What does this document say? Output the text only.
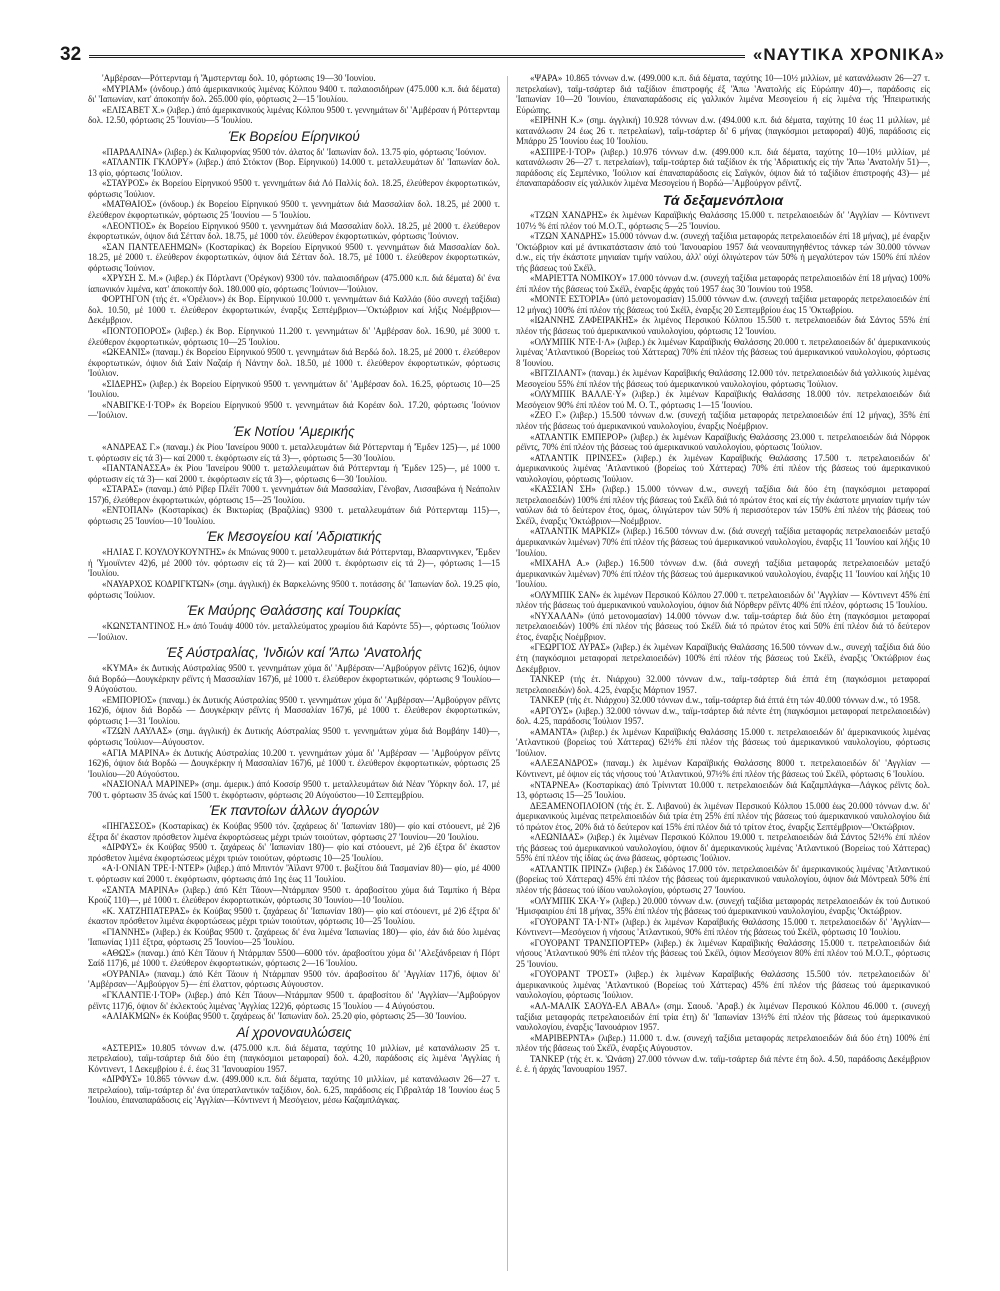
32	«ΝΑΥΤΙΚΑ ΧΡΟΝΙΚΑ»

'Αμβέρσαν—Ρόττερνταμ ή 'Άμστερνταμ δολ. 10, φόρτωσις 19—30 'Ιουνίου.

«ΜΥΡΙΑΜ» (όνδουρ.) άπό άμερικανικούς λιμένας Κόλπου 9400 τ. παλαιοσιδήρων (475.000 κ.π. διά δέματα) δι' 'Ιαπωνίαν, κατ' άποκοπήν δολ. 265.000 φίο, φόρτωσις 2—15 'Ιουλίου.

«ΕΛΙΣΑΒΕΤ Χ.» (λιβερ.) άπό άμερικανικούς λιμένας Κόλπου 9500 τ. γεννημάτων δι' 'Αμβέρσαν ή Ρόττερνταμ δολ. 12.50, φόρτωσις 25 'Ιουνίου—5 'Ιουλίου.

Έκ Βορείου Είρηνικού

«ΠΑΡΔΑΛΙΝΑ» (λιβερ.) έκ Καλιφορνίας 9500 τόν. άλατος δι' 'Ιαπωνίαν δολ. 13.75 φίο, φόρτωσις 'Ιούνιον.

«ΑΤΛΑΝΤΙΚ ΓΚΛΟΡΥ» (λιβερ.) άπό Στόκτον (Βορ. Είρηνικού) 14.000 τ. μεταλλευμάτων δι' 'Ιαπωνίαν δολ. 13 φίο, φόρτωσις 'Ιούλιον.

«ΣΤΑΥΡΟΣ» έκ Βορείου Είρηνικού 9500 τ. γεννημάτων διά Λό Παλλίς δολ. 18.25, έλεύθερον έκφορτωτικών, φόρτωσις 'Ιούλιον.

«ΜΑΤΘΑΙΟΣ» (όνδουρ.) έκ Βορείου Είρηνικού 9500 τ. γεννημάτων διά Μασσαλίαν δολ. 18.25, μέ 2000 τ. έλεύθερον έκφορτωτικών, φόρτωσις 25 'Ιουνίου — 5 'Ιουλίου.

«ΛΕΟΝΤΙΟΣ» έκ Βορείου Είρηνικού 9500 τ. γεννημάτων διά Μασσαλίαν δολλ. 18.25, μέ 2000 τ. έλεύθερον έκφορτωτικών, όψιον διά Σέτταν δολ. 18.75, μέ 1000 τόν. έλεύθερον έκφορτωτικών, φόρτωσις 'Ιούνιον.

«ΣΑΝ ΠΑΝΤΕΛΕΗΜΩΝ» (Κοσταρίκας) έκ Βορείου Είρηνικού 9500 τ. γεννημάτων διά Μασσαλίαν δολ. 18.25, μέ 2000 τ. έλεύθερον έκφορτωτικών, όψιον διά Σέτταν δολ. 18.75, μέ 1000 τ. έλεύθερον έκφορτωτικών, φόρτωσις 'Ιούνιον.

«ΧΡΥΣΗ Σ. Μ.» (λιβερ.) έκ Πόρτλαντ ('Ορέγκον) 9300 τόν. παλαιοσιδήρων (475.000 κ.π. διά δέματα) δι' ένα ίαπωνικόν λιμένα, κατ' άποκοπήν δολ. 180.000 φίο, φόρτωσις 'Ιούνιον—'Ιούλιον.

ΦΟΡΤΗΓΟΝ (τής έτ. «'Ορέλιον») έκ Βορ. Είρηνικού 10.000 τ. γεννημάτων διά Καλλάο (δύο συνεχή ταξίδια) δολ. 10.50, μέ 1000 τ. έλεύθερον έκφορτωτικών, έναρξις Σεπτέμβριον—'Οκτώβριον καί λήξις Νοέμβριον—Δεκέμβριον.

«ΠΟΝΤΟΠΟΡΟΣ» (λιβερ.) έκ Βορ. Είρηνικού 11.200 τ. γεννημάτων δι' 'Αμβέρσαν δολ. 16.90, μέ 3000 τ. έλεύθερον έκφορτωτικών, φόρτωσις 10—25 'Ιουλίου.

«ΩΚΕΑΝΙΣ» (παναμ.) έκ Βορείου Είρηνικού 9500 τ. γεννημάτων διά Βερδώ δολ. 18.25, μέ 2000 τ. έλεύθερον έκφορτωτικών, όψιον διά Σαίν Ναζαίρ ή Νάντην δολ. 18.50, μέ 1000 τ. έλεύθερον έκφορτωτικών, φόρτωσις 'Ιούλιον.

«ΣΙΔΕΡΗΣ» (λιβερ.) έκ Βορείου Είρηνικού 9500 τ. γεννημάτων δι' 'Αμβέρσαν δολ. 16.25, φόρτωσις 10—25 'Ιουλίου.

«ΝΑΒΙΓΚΕ·Ι·ΤΟΡ» έκ Βορείου Είρηνικού 9500 τ. γεννημάτων διά Κορέαν δολ. 17.20, φόρτωσις 'Ιούνιον—'Ιούλιον.

Έκ Νοτίου 'Αμερικής

«ΑΝΔΡΕΑΣ Γ.» (παναμ.) έκ Ρίου 'Ιανείρου 9000 τ. μεταλλευμάτων διά Ρόττερνταμ ή 'Έμδεν 125)—, μέ 1000 τ. φόρτωσιν είς τά 3)— καί 2000 τ. έκφόρτωσιν είς τά 3)—, φόρτωσις 5—30 'Ιουλίου.

«ΠΑΝΤΑΝΑΣΣΑ» έκ Ρίου 'Ιανείρου 9000 τ. μεταλλευμάτων διά Ρόττερνταμ ή 'Έμδεν 125)—, μέ 1000 τ. φόρτωσιν είς τά 3)— καί 2000 τ. έκφόρτωσιν είς τά 3)—, φόρτωσις 6—30 'Ιουλίου.

«ΣΤΑΡΑΣ» (παναμ.) άπό Ρίβερ Πλέϊτ 7000 τ. γεννημάτων διά Μασσαλίαν, Γένοβαν, Λισσαβώνα ή Νεάπολιν 157)6, έλεύθερον έκφορτωτικών, φόρτωσις 15—25 'Ιουλίου.

«ΕΝΤΟΠΑΝ» (Κοσταρίκας) έκ Βικτωρίας (Βραζιλίας) 9300 τ. μεταλλευμάτων διά Ρόττερνταμ 115)—, φόρτωσις 25 'Ιουνίου—10 'Ιουλίου.

Έκ Μεσογείου καί 'Αδριατικής

«ΗΛΙΑΣ Γ. ΚΟΥΛΟΥΚΟΥΝΤΗΣ» έκ Μπώνας 9000 τ. μεταλλευμάτων διά Ρόττερνταμ, Βλααρντινγκεν, 'Έμδεν ή 'Υμουϊντεν 42)6, μέ 2000 τόν. φόρτωσιν είς τά 2)— καί 2000 τ. έκφόρτωσιν είς τά 2)—, φόρτωσις 1—15 'Ιουλίου.

«ΝΑΥΑΡΧΟΣ ΚΟΔΡΙΓΚΤΩΝ» (σημ. άγγλική) έκ Βαρκελώνης 9500 τ. ποτάσσης δι' 'Ιαπωνίαν δολ. 19.25 φίο, φόρτωσις 'Ιούλιον.

Έκ Μαύρης Θαλάσσης καί Τουρκίας

«ΚΩΝΣΤΑΝΤΙΝΟΣ Η.» άπό Τουάψ 4000 τόν. μεταλλεύματος χρωμίου διά Καρόντε 55)—, φόρτωσις 'Ιούλιον—'Ιούλιον.

Έξ Αύστραλίας, 'Ινδιών καί 'Άπω 'Ανατολής

«ΚΥΜΑ» έκ Δυτικής Αύστραλίας 9500 τ. γεννημάτων χύμα δι' 'Αμβέρσαν—'Αμβούργον ρέϊντς 162)6, όψιον διά Βορδώ—Δουγκέρκην ρέϊντς ή Μασσαλίαν 167)6, μέ 1000 τ. έλεύθερον έκφορτωτικών, φόρτωσις 9 'Ιουλίου—9 Αύγούστου.

«ΕΜΠΟΡΙΟΣ» (παναμ.) έκ Δυτικής Αύστραλίας 9500 τ. γεννημάτων χύμα δι' 'Αμβέρσαν—'Αμβούργον ρέϊντς 162)6, όψιον διά Βορδώ — Δουγκέρκην ρέϊντς ή Μασσαλίαν 167)6, μέ 1000 τ. έλεύθερον έκφορτωτικών, φόρτωσις 1—31 'Ιουλίου.

«ΤΖΩΝ ΛΑΥΛΑΣ» (σημ. άγγλική) έκ Δυτικής Αύστραλίας 9500 τ. γεννημάτων χύμα διά Βομβάην 140)—, φόρτωσις 'Ιούλιον—Αύγουστον.

«ΑΓΙΑ ΜΑΡΙΝΑ» έκ Δυτικής Αύστραλίας 10.200 τ. γεννημάτων χύμα δι' 'Αμβέρσαν — 'Αμβούργον ρέϊντς 162)6, όψιον διά Βορδώ — Δουγκέρκην ή Μασσαλίαν 167)6, μέ 1000 τ. έλεύθερον έκφορτωτικών, φόρτωσις 25 'Ιουλίου—20 Αύγούστου.

«ΝΑΣΙΟΝΑΛ ΜΑΡΙΝΕΡ» (σημ. άμερικ.) άπό Κοσσίρ 9500 τ. μεταλλευμάτων διά Νέαν 'Υόρκην δολ. 17, μέ 700 τ. φόρτωσιν 35 άνώς καί 1500 τ. έκφόρτωσιν, φόρτωσις 20 Αύγούστου—10 Σεπτεμβρίου.

Έκ παντοίων άλλων άγορών

«ΠΗΓΑΣΣΟΣ» (Κοσταρίκας) έκ Κούβας 9500 τόν. ζαχάρεως δι' 'Ιαπωνίαν 180)— φίο καί στόουεντ, μέ 2)6 έξτρα δι' έκαστον πρόσθετον λιμένα έκφορτώσεως μέχρι τριών τοιούτων, φόρτωσις 27 'Ιουνίου—20 'Ιουλίου.

«ΔΙΡΦΥΣ» έκ Κούβας 9500 τ. ζαχάρεως δι' 'Ιαπωνίαν 180)— φίο καί στόουεντ, μέ 2)6 έξτρα δι' έκαστον πρόσθετον λιμένα έκφορτώσεως μέχρι τριών τοιούτων, φόρτωσις 10—25 'Ιουλίου.

«Α·Ι·ΟΝΙΑΝ ΤΡΕ·Ι·ΝΤΕΡ» (λιβερ.) άπό Μπιντόν 'Άϊλαντ 9700 τ. βωξίτου διά Τασμανίαν 80)— φίο, μέ 4000 τ. φόρτωσιν καί 2000 τ. έκφόρτωσιν, φόρτωσις άπό 1ης έως 11 'Ιουλίου.

«ΣΑΝΤΑ ΜΑΡΙΝΑ» (λιβερ.) άπό Κέπ Τάουν—Ντάρμπαν 9500 τ. άραβοσίτου χύμα διά Ταμπίκο ή Βέρα Κρούζ 110)—, μέ 1000 τ. έλεύθερον έκφορτωτικών, φόρτωσις 30 'Ιουνίου—10 'Ιουλίου.

«Κ. ΧΑΤΖΗΠΑΤΕΡΑΣ» έκ Κούβας 9500 τ. ζαχάρεως δι' 'Ιαπωνίαν 180)— φίο καί στόουεντ, μέ 2)6 έξτρα δι' έκαστον πρόσθετον λιμένα έκφορτώσεως μέχρι τριών τοιούτων, φόρτωσις 10—25 'Ιουλίου.

«ΓΙΑΝΝΗΣ» (λιβερ.) έκ Κούβας 9500 τ. ζαχάρεως δι' ένα λιμένα 'Ιαπωνίας 180)— φίο, έάν διά δύο λιμένας 'Ιαπωνίας 1)11 έξτρα, φόρτωσις 25 'Ιουνίου—25 'Ιουλίου.

«ΑΘΩΣ» (παναμ.) άπό Κέπ Τάουν ή Ντάρμπαν 5500—6000 τόν. άραβοσίτου χύμα δι' 'Αλεξάνδρειαν ή Πόρτ Σαίδ 117)6, μέ 1000 τ. έλεύθερον έκφορτωτικών, φόρτωσις 2—16 'Ιουλίου.

«ΟΥΡΑΝΙΑ» (παναμ.) άπό Κέπ Τάουν ή Ντάρμπαν 9500 τόν. άραβοσίτου δι' 'Αγγλίαν 117)6, όψιον δι' 'Αμβέρσαν—'Αμβούργον 5)— έπί έλαττον, φόρτωσις Αύγουστον.

«ΓΚΛΑΝΤΙΕ·Ι·ΤΟΡ» (λιβερ.) άπό Κέπ Τάουν—Ντάρμπαν 9500 τ. άραβοσίτου δι' 'Αγγλίαν—'Αμβούργον ρέϊντς 117)6, όψιον δι' έκλεκτούς λιμένας 'Αγγλίας 122)6, φόρτωσις 15 'Ιουλίου — 4 Αύγούστου.

«ΑΛΙΑΚΜΩΝ» έκ Κούβας 9500 τ. ζαχάρεως δι' 'Ιαπωνίαν δολ. 25.20 φίο, φόρτωσις 25—30 'Ιουνίου.

Αί χρονοναυλώσεις

«ΑΣΤΕΡΙΣ» 10.805 τόννων d.w. (475.000 κ.π. διά δέματα, ταχύτης 10 μιλλίων, μέ κατανάλωσιν 25 τ. πετρελαίου), ταϊμ-τσάρτερ διά δύο έτη (παγκόσμιοι μεταφοραί) δολ. 4.20, παράδοσις είς λιμένα 'Αγγλίας ή Κόντινεντ, 1 Δεκεμβρίου έ. έ. έως 31 'Ιανουαρίου 1957.

«ΔΙΡΦΥΣ» 10.865 τόννων d.w. (499.000 κ.π. διά δέματα, ταχύτης 10 μιλλίων, μέ κατανάλωσιν 26—27 τ. πετρελαίου), ταϊμ-τσάρτερ δι' ένα ύπερατλαντικόν ταξίδιον, δολ. 6.25, παράδοσις είς Γιβραλτάρ 18 'Ιουνίου έως 5 'Ιουλίου, έπαναπαράδοσις είς 'Αγγλίαν—Κόντινεντ ή Μεσόγειον, μέσω Καζαμπλάγκας.

«ΨΑΡΑ» 10.865 τόννων d.w. (499.000 κ.π. διά δέματα, ταχύτης 10—10½ μιλλίων, μέ κατανάλωσιν 26—27 τ. πετρελαίων), ταϊμ-τσάρτερ διά ταξίδιον έπιστροφής έξ 'Άπω 'Ανατολής είς Εύρώπην 40)—, παράδοσις είς 'Ιαπωνίαν 10—20 'Ιουνίου, έπαναπαράδοσις είς γαλλικόν λιμένα Μεσογείου ή είς λιμένα τής 'Ηπειρωτικής Εύρώπης.

«ΕΙΡΗΝΗ Κ.» (σημ. άγγλική) 10.928 τόννων d.w. (494.000 κ.π. διά δέματα, ταχύτης 10 έως 11 μιλλίων, μέ κατανάλωσιν 24 έως 26 τ. πετρελαίων), ταϊμ-τσάρτερ δι' 6 μήνας (παγκόσμιοι μεταφοραί) 40)6, παράδοσις είς Μπάρρυ 25 'Ιουνίου έως 10 'Ιουλίου.

«ΑΣΠΙΡΕ·Ι·ΤΟΡ» (λιβερ.) 10.976 τόννων d.w. (499.000 κ.π. διά δέματα, ταχύτης 10—10½ μιλλίων, μέ κατανάλωσιν 26—27 τ. πετρελαίων), ταϊμ-τσάρτερ διά ταξίδιον έκ τής 'Αδριατικής είς τήν 'Άπω 'Ανατολήν 51)—, παράδοσις είς Σεμπένικο, 'Ιούλιον καί έπαναπαράδοσις είς Σαϊγκόν, όψιον διά τό ταξίδιον έπιστροφής 43)— μέ έπαναπαράδοσιν είς γαλλικόν λιμένα Μεσογείου ή Βορδώ—'Αμβούργον ρέϊντζ.

Τά δεξαμενόπλοια

«ΤΖΩΝ ΧΑΝΔΡΗΣ» έκ λιμένων Καραϊβικής Θαλάσσης 15.000 τ. πετρελαιοειδών δι' 'Αγγλίαν — Κόντινεντ 107½ % έπί πλέον τού Μ.Ο.Τ., φόρτωσις 5—25 'Ιουνίου.

«ΤΖΩΝ ΧΑΝΔΡΗΣ» 15.000 τόννων d.w. (συνεχή ταξίδια μεταφοράς πετρελαιοειδών έπί 18 μήνας), μέ έναρξιν 'Οκτώβριον καί μέ άντικατάστασιν άπό τού 'Ιανουαρίου 1957 διά νεοναυπηγηθέντος τάνκερ τών 30.000 τόννων d.w., είς τήν έκάστοτε μηνιαίαν τιμήν ναύλου, άλλ' ούχί όλιγώτερον τών 50% ή μεγαλύτερον τών 150% έπί πλέον τής βάσεως τού Σκέϊλ.

«ΜΑΡΙΕΤΤΑ ΝΟΜΙΚΟΥ» 17.000 τόννων d.w. (συνεχή ταξίδια μεταφοράς πετρελαιοειδών έπί 18 μήνας) 100% έπί πλέον τής βάσεως τού Σκέϊλ, έναρξις άρχάς τού 1957 έως 30 'Ιουνίου τού 1958.

«ΜΟΝΤΕ ΕΣΤΟΡΙΑ» (ύπό μετονομασίαν) 15.000 τόννων d.w. (συνεχή ταξίδια μεταφοράς πετρελαιοειδών έπί 12 μήνας) 100% έπί πλέον τής βάσεως τού Σκέϊλ, έναρξις 20 Σεπτεμβρίου έως 15 'Οκτωβρίου.

«ΙΩΑΝΝΗΣ ΖΑΦΕΙΡΑΚΗΣ» έκ λιμένος Περσικού Κόλπου 15.500 τ. πετρελαιοειδών διά Σάντος 55% έπί πλέον τής βάσεως τού άμερικανικού ναυλολογίου, φόρτωσις 12 'Ιουνίου.

«ΟΛΥΜΠΙΚ ΝΤΕ·Ι·Λ» (λιβερ.) έκ λιμένων Καραϊβικής Θαλάσσης 20.000 τ. πετρελαιοειδών δι' άμερικανικούς λιμένας 'Ατλαντικού (Βορείως τού Χάττερας) 70% έπί πλέον τής βάσεως τού άμερικανικού ναυλολογίου, φόρτωσις 8 'Ιουνίου.

«ΒΙΤΖΙΛΑΝΤ» (παναμ.) έκ λιμένων Καραϊβικής Θαλάσσης 12.000 τόν. πετρελαιοειδών διά γαλλικούς λιμένας Μεσογείου 55% έπί πλέον τής βάσεως τού άμερικανικού ναυλολογίου, φόρτωσις 'Ιούλιον.

«ΟΛΥΜΠΙΚ ΒΑΛΛΕ·Υ» (λιβερ.) έκ λιμένων Καραϊβικής Θαλάσσης 18.000 τόν. πετρελαιοειδών διά Μεσόγειον 90% έπί πλέον τού Μ. Ο. Τ., φόρτωσις 1—15 'Ιουνίου.

«ΖΕΟ Γ.» (λιβερ.) 15.500 τόννων d.w. (συνεχή ταξίδια μεταφοράς πετρελαιοειδών έπί 12 μήνας), 35% έπί πλέον τής βάσεως τού άμερικανικού ναυλολογίου, έναρξις Νοέμβριον.

«ΑΤΛΑΝΤΙΚ ΕΜΠΕΡΟΡ» (λιβερ.) έκ λιμένων Καραϊβικής Θαλάσσης 23.000 τ. πετρελαιοειδών διά Νόρφοκ ρέϊντς, 70% έπί πλέον τής βάσεως τού άμερικανικού ναυλολογίου, φόρτωσις 'Ιούλιον.

«ΑΤΛΑΝΤΙΚ ΠΡΙΝΣΕΣ» (λιβερ.) έκ λιμένων Καραϊβικής Θαλάσσης 17.500 τ. πετρελαιοειδών δι' άμερικανικούς λιμένας 'Ατλαντικού (βορείως τού Χάττερας) 70% έπί πλέον τής βάσεως τού άμερικανικού ναυλολογίου, φόρτωσις 'Ιούλιον.

«ΚΑΣΣΙΑΝ ΣΗ» (λιβερ.) 15.000 τόννων d.w., συνεχή ταξίδια διά δύο έτη (παγκόσμιοι μεταφοραί πετρελαιοειδών) 100% έπί πλέον τής βάσεως τού Σκέϊλ διά τό πρώτον έτος καί είς τήν έκάστοτε μηνιαίαν τιμήν τών ναύλων διά τό δεύτερον έτος, όμως, όλιγώτερον τών 50% ή περισσότερον τών 150% έπί πλέον τής βάσεως τού Σκέϊλ, έναρξις 'Οκτώβριον—Νοέμβριον.

«ΑΤΛΑΝΤΙΚ ΜΑΡΚΙΖ» (λιβερ.) 16.500 τόννων d.w. (διά συνεχή ταξίδια μεταφοράς πετρελαιοειδών μεταξύ άμερικανικών λιμένων) 70% έπί πλέον τής βάσεως τού άμερικανικού ναυλολογίου, έναρξις 11 'Ιουνίου καί λήξις 10 'Ιουλίου.

«ΜΙΧΑΗΛ Α.» (λιβερ.) 16.500 τόννων d.w. (διά συνεχή ταξίδια μεταφοράς πετρελαιοειδών μεταξύ άμερικανικών λιμένων) 70% έπί πλέον τής βάσεως τού άμερικανικού ναυλολογίου, έναρξις 11 'Ιουνίου καί λήξις 10 'Ιουλίου.

«ΟΛΥΜΠΙΚ ΣΑΝ» έκ λιμένων Περσικού Κόλπου 27.000 τ. πετρελαιοειδών δι' 'Αγγλίαν — Κόντινεντ 45% έπί πλέον τής βάσεως τού άμερικανικού ναυλολογίου, όψιον διά Νόρθερν ρέϊντς 40% έπί πλέον, φόρτωσις 15 'Ιουλίου.

«ΝΥΧΑΛΑΝ» (ύπό μετονομασίαν) 14.000 τόννων d.w. ταϊμ-τσάρτερ διά δύο έτη (παγκόσμιοι μεταφοραί πετρελαιοειδών) 100% έπί πλέον τής βάσεως τού Σκέϊλ διά τό πρώτον έτος καί 50% έπί πλέον διά τό δεύτερον έτος, έναρξις Νοέμβριον.

«ΓΕΩΡΓΙΟΣ ΛΥΡΑΣ» (λιβερ.) έκ λιμένων Καραϊβικής Θαλάσσης 16.500 τόννων d.w., συνεχή ταξίδια διά δύο έτη (παγκόσμιοι μεταφοραί πετρελαιοειδών) 100% έπί πλέον τής βάσεως τού Σκέϊλ, έναρξις 'Οκτώβριον έως Δεκέμβριον.

ΤΑΝΚΕΡ (τής έτ. Νιάρχου) 32.000 τόννων d.w., ταϊμ-τσάρτερ διά έπτά έτη (παγκόσμιοι μεταφοραί πετρελαιοειδών) δολ. 4.25, έναρξις Μάρτιον 1957.

ΤΑΝΚΕΡ (τής έτ. Νιάρχου) 32.000 τόννων d.w., ταϊμ-τσάρτερ διά έπτά έτη τών 40.000 τόννων d.w., τό 1958.

«ΑΡΓΟΥΣ» (λιβερ.) 32.000 τόννων d.w., ταϊμ-τσάρτερ διά πέντε έτη (παγκόσμιοι μεταφοραί πετρελαιοειδών) δολ. 4.25, παράδοσις 'Ιούλιον 1957.

«ΑΜΑΝΤΑ» (λιβερ.) έκ λιμένων Καραϊβικής Θαλάσσης 15.000 τ. πετρελαιοειδών δι' άμερικανικούς λιμένας 'Ατλαντικού (βορείως τού Χάττερας) 62½% έπί πλέον τής βάσεως τού άμερικανικού ναυλολογίου, φόρτωσις 'Ιούλιον.

«ΑΛΕΞΑΝΔΡΟΣ» (παναμ.) έκ λιμένων Καραϊβικής Θαλάσσης 8000 τ. πετρελαιοειδών δι' 'Αγγλίαν — Κόντινεντ, μέ όψιον είς τάς νήσους τού 'Ατλαντικού, 97½% έπί πλέον τής βάσεως τού Σκέϊλ, φόρτωσις 6 'Ιουλίου.

«ΝΤΑΡΝΕΑ» (Κοσταρίκας) άπό Τρίνιντατ 10.000 τ. πετρελαιοειδών διά Καζαμπλάγκα—Λάγκος ρέϊντς δολ. 13, φόρτωσις 15—25 'Ιουλίου.

ΔΕΞΑΜΕΝΟΠΛΟΙΟΝ (τής έτ. Σ. Λιβανού) έκ λιμένων Περσικού Κόλπου 15.000 έως 20.000 τόννων d.w. δι' άμερικανικούς λιμένας πετρελαιοειδών διά τρία έτη 25% έπί πλέον τής βάσεως τού άμερικανικού ναυλολογίου διά τό πρώτον έτος, 20% διά τό δεύτερον καί 15% έπί πλέον διά τό τρίτον έτος, έναρξις Σεπτέμβριον—'Οκτώβριον.

«ΛΕΩΝΙΔΑΣ» (λιβερ.) έκ λιμένων Περσικού Κόλπου 19.000 τ. πετρελαιοειδών διά Σάντος 52½% έπί πλέον τής βάσεως τού άμερικανικού ναυλολογίου, όψιον δι' άμερικανικούς λιμένας 'Ατλαντικού (Βορείως τού Χάττερας) 55% έπί πλέον τής ίδίας ώς άνω βάσεως, φόρτωσις 'Ιούλιον.

«ΑΤΛΑΝΤΙΚ ΠΡΙΝΖ» (λιβερ.) έκ Σιδώνος 17.000 τόν. πετρελαιοειδών δι' άμερικανικούς λιμένας 'Ατλαντικού (βορείως τού Χάττερας) 45% έπί πλέον τής βάσεως τού άμερικανικού ναυλολογίου, όψιον διά Μόντρεαλ 50% έπί πλέον τής βάσεως τού ίδίου ναυλολογίου, φόρτωσις 27 'Ιουνίου.

«ΟΛΥΜΠΙΚ ΣΚΑ·Υ» (λιβερ.) 20.000 τόννων d.w. (συνεχή ταξίδια μεταφοράς πετρελαιοειδών έκ τού Δυτικού 'Ημισφαιρίου έπί 18 μήνας, 35% έπί πλέον τής βάσεως τού άμερικανικού ναυλολογίου, έναρξις 'Οκτώβριον.

«ΓΟΥΟΡΑΝΤ ΤΑ·Ι·ΝΤ» (λιβερ.) έκ λιμένων Καραϊβικής Θαλάσσης 15.000 τ. πετρελαιοειδών δι' 'Αγγλίαν—Κόντινεντ—Μεσόγειον ή νήσους 'Ατλαντικού, 90% έπί πλέον τής βάσεως τού Σκέϊλ, φόρτωσις 10 'Ιουλίου.

«ΓΟΥΟΡΑΝΤ ΤΡΑΝΣΠΟΡΤΕΡ» (λιβερ.) έκ λιμένων Καραϊβικής Θαλάσσης 15.000 τ. πετρελαιοειδών διά νήσους 'Ατλαντικού 90% έπί πλέον τής βάσεως τού Σκέϊλ, όψιον Μεσόγειον 80% έπί πλέον τού Μ.Ο.Τ., φόρτωσις 25 'Ιουνίου.

«ΓΟΥΟΡΑΝΤ ΤΡΟΣΤ» (λιβερ.) έκ λιμένων Καραϊβικής Θαλάσσης 15.500 τόν. πετρελαιοειδών δι' άμερικανικούς λιμένας 'Ατλαντικού (Βορείως τού Χάττερας) 45% έπί πλέον τής βάσεως τού άμερικανικού ναυλολογίου, φόρτωσις 'Ιούλιον.

«ΑΛ-ΜΑΛΙΚ ΣΑΟΥΔ-ΕΛ ΑΒΑΛ» (σημ. Σαουδ. 'Αραβ.) έκ λιμένων Περσικού Κόλπου 46.000 τ. (συνεχή ταξίδια μεταφοράς πετρελαιοειδών έπί τρία έτη) δι' 'Ιαπωνίαν 13½% έπί πλέον τής βάσεως τού άμερικανικού ναυλολογίου, έναρξις 'Ιανουάριον 1957.

«ΜΑΡΙΒΕΡΝΤΑ» (λιβερ.) 11.000 τ. d.w. (συνεχή ταξίδια μεταφοράς πετρελαιοειδών διά δύο έτη) 100% έπί πλέον τής βάσεως τού Σκέϊλ, έναρξις Αύγουστον.

ΤΑΝΚΕΡ (τής έτ. κ. 'Ωνάση) 27.000 τόννων d.w. ταϊμ-τσάρτερ διά πέντε έτη δολ. 4.50, παράδοσις Δεκέμβριον έ. έ. ή άρχάς 'Ιανουαρίου 1957.
